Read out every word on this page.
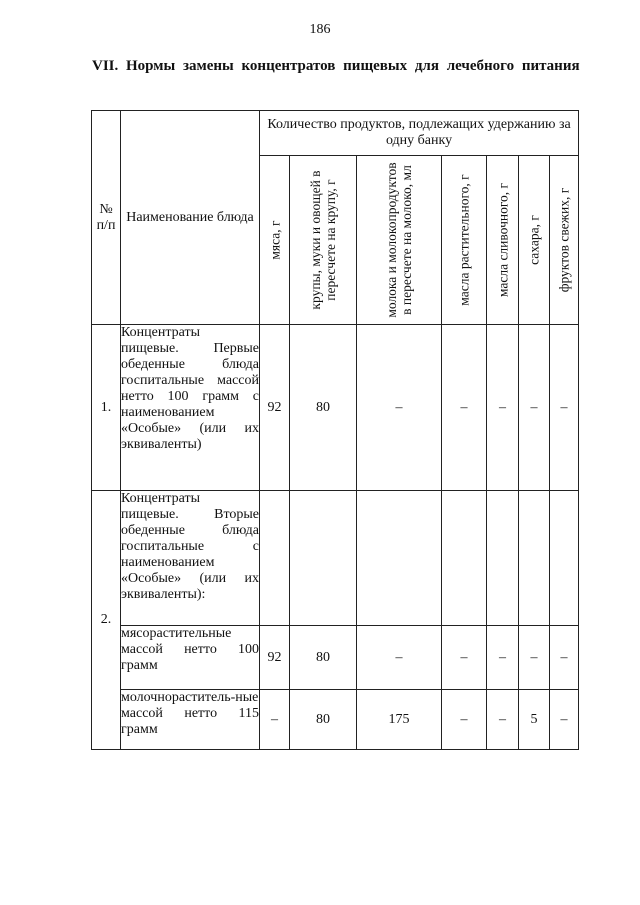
186
VII. Нормы замены концентратов пищевых для лечебного питания
№ п/п	Наименование блюда	Количество продуктов, подлежащих удержанию за одну банку						

		мяса, г	крупы, муки и овощей в пересчете на крупу, г	молока и молокопродуктов в пересчете на молоко, мл	масла растительного, г	масла сливочного, г	сахара, г	фруктов свежих, г

1.	Концентраты пищевые. Первые обеденные блюда госпитальные массой нетто 100 грамм с наименованием «Особые» (или их эквиваленты)	92	80	–	–	–	–	–
2.	Концентраты пищевые. Вторые обеденные блюда госпитальные с наименованием «Особые» (или их эквиваленты):							
	мясорастительные массой нетто 100 грамм	92	80	–	–	–	–	–
	молочнораститель-ные массой нетто 115 грамм	–	80	175	–	–	5	–
